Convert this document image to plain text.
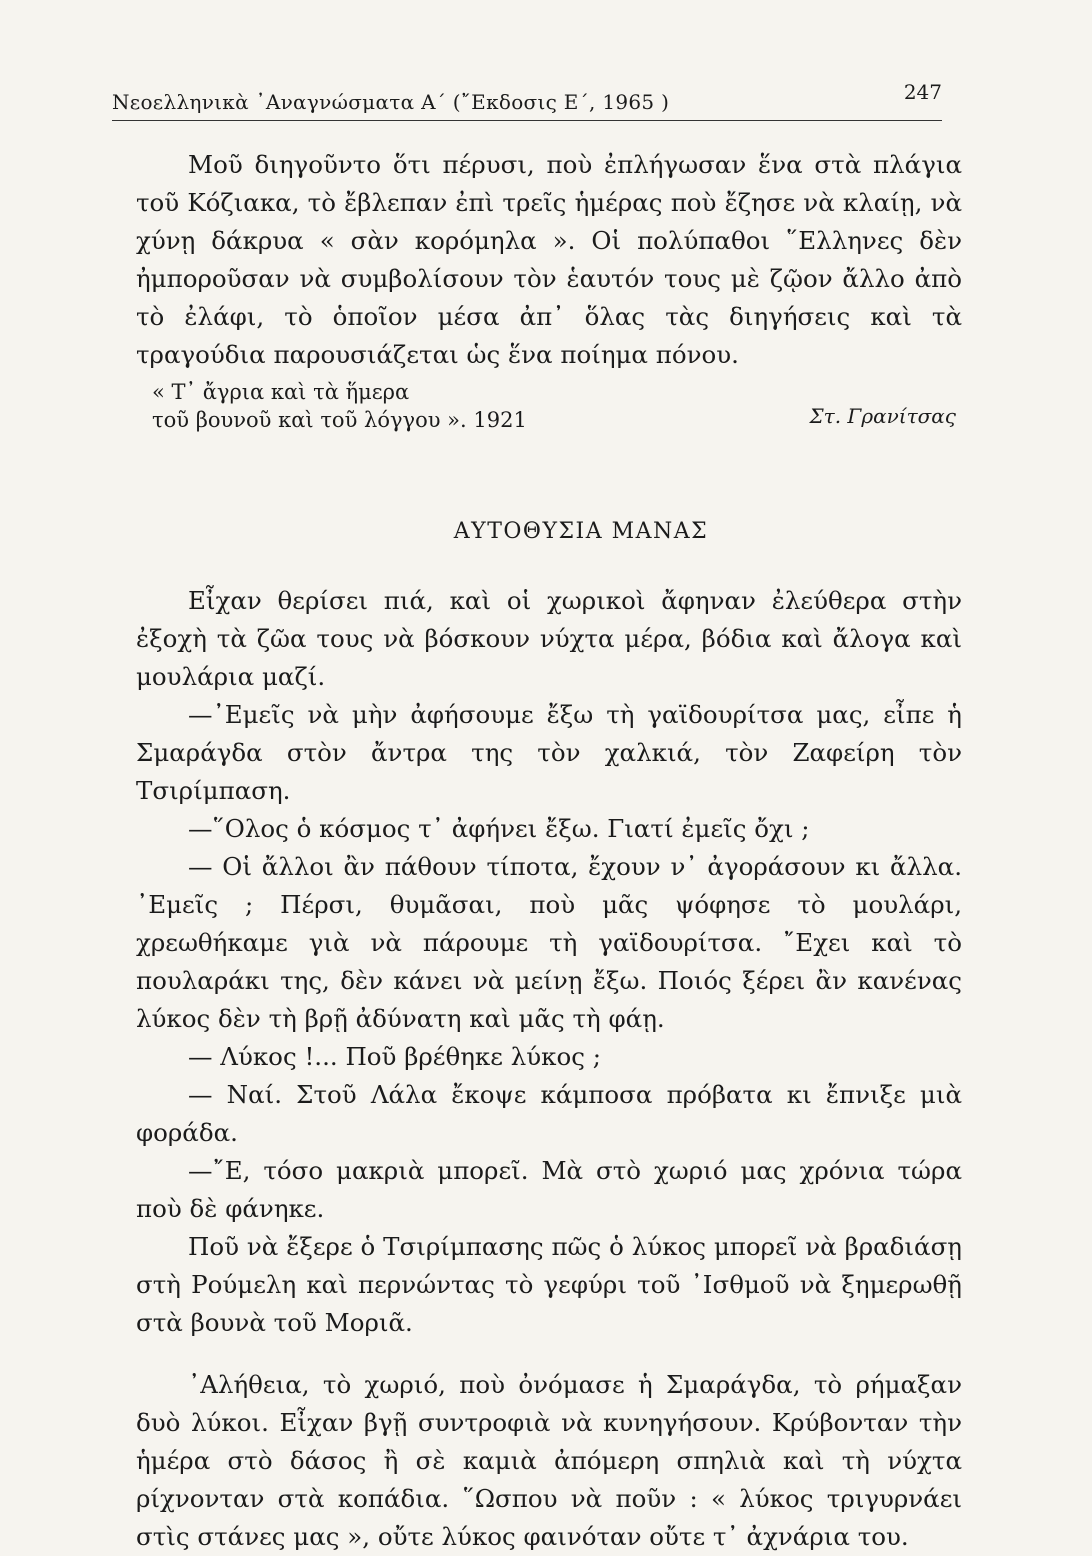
Νεοελληνικὰ ᾿Αναγνώσματα Α΄ (῎Εκδοσις Ε΄, 1965 )	247

Μοῦ διηγοῦντο ὅτι πέρυσι, ποὺ ἐπλήγωσαν ἕνα στὰ πλάγια τοῦ Κόζιακα, τὸ ἔβλεπαν ἐπὶ τρεῖς ἡμέρας ποὺ ἔζησε νὰ κλαίῃ, νὰ χύνῃ δάκρυα « σὰν κορόμηλα ». Οἱ πολύπαθοι ῞Ελληνες δὲν ἠμποροῦσαν νὰ συμβολίσουν τὸν ἑαυτόν τους μὲ ζῷον ἄλλο ἀπὸ τὸ ἐλάφι, τὸ ὁποῖον μέσα ἀπ᾿ ὅλας τὰς διηγήσεις καὶ τὰ τραγούδια παρουσιάζεται ὡς ἕνα ποίημα πόνου.

« Τ᾿ ἄγρια καὶ τὰ ἥμερα
τοῦ βουνοῦ καὶ τοῦ λόγγου ». 1921	Στ. Γρανίτσας
ΑΥΤΟΘΥΣΙΑ ΜΑΝΑΣ

Εἶχαν θερίσει πιά, καὶ οἱ χωρικοὶ ἄφηναν ἐλεύθερα στὴν ἐξοχὴ τὰ ζῶα τους νὰ βόσκουν νύχτα μέρα, βόδια καὶ ἄλογα καὶ μουλάρια μαζί.

—᾿Εμεῖς νὰ μὴν ἀφήσουμε ἔξω τὴ γαϊδουρίτσα μας, εἶπε ἡ Σμαράγδα στὸν ἄντρα της τὸν χαλκιά, τὸν Ζαφείρη τὸν Τσιρίμπαση.

—῞Ολος ὁ κόσμος τ᾿ ἀφήνει ἔξω. Γιατί ἐμεῖς ὄχι ;

— Οἱ ἄλλοι ἂν πάθουν τίποτα, ἔχουν ν᾿ ἀγοράσουν κι ἄλλα. ᾿Εμεῖς ; Πέρσι, θυμᾶσαι, ποὺ μᾶς ψόφησε τὸ μουλάρι, χρεωθήκαμε γιὰ νὰ πάρουμε τὴ γαϊδουρίτσα. ῎Εχει καὶ τὸ πουλαράκι της, δὲν κάνει νὰ μείνῃ ἔξω. Ποιός ξέρει ἂν κανένας λύκος δὲν τὴ βρῇ ἀδύνατη καὶ μᾶς τὴ φάῃ.

— Λύκος !... Ποῦ βρέθηκε λύκος ;

— Ναί. Στοῦ Λάλα ἔκοψε κάμποσα πρόβατα κι ἔπνιξε μιὰ φοράδα.

—῎Ε, τόσο μακριὰ μπορεῖ. Μὰ στὸ χωριό μας χρόνια τώρα ποὺ δὲ φάνηκε.

Ποῦ νὰ ἔξερε ὁ Τσιρίμπασης πῶς ὁ λύκος μπορεῖ νὰ βραδιάσῃ στὴ Ρούμελη καὶ περνώντας τὸ γεφύρι τοῦ ᾿Ισθμοῦ νὰ ξημερωθῇ στὰ βουνὰ τοῦ Μοριᾶ.

᾿Αλήθεια, τὸ χωριό, ποὺ ὀνόμασε ἡ Σμαράγδα, τὸ ρήμαξαν δυὸ λύκοι. Εἶχαν βγῇ συντροφιὰ νὰ κυνηγήσουν. Κρύβονταν τὴν ἡμέρα στὸ δάσος ἢ σὲ καμιὰ ἀπόμερη σπηλιὰ καὶ τὴ νύχτα ρίχνονταν στὰ κοπάδια. ῞Ωσπου νὰ ποῦν : « λύκος τριγυρνάει στὶς στάνες μας », οὔτε λύκος φαινόταν οὔτε τ᾿ ἀχνάρια του.
